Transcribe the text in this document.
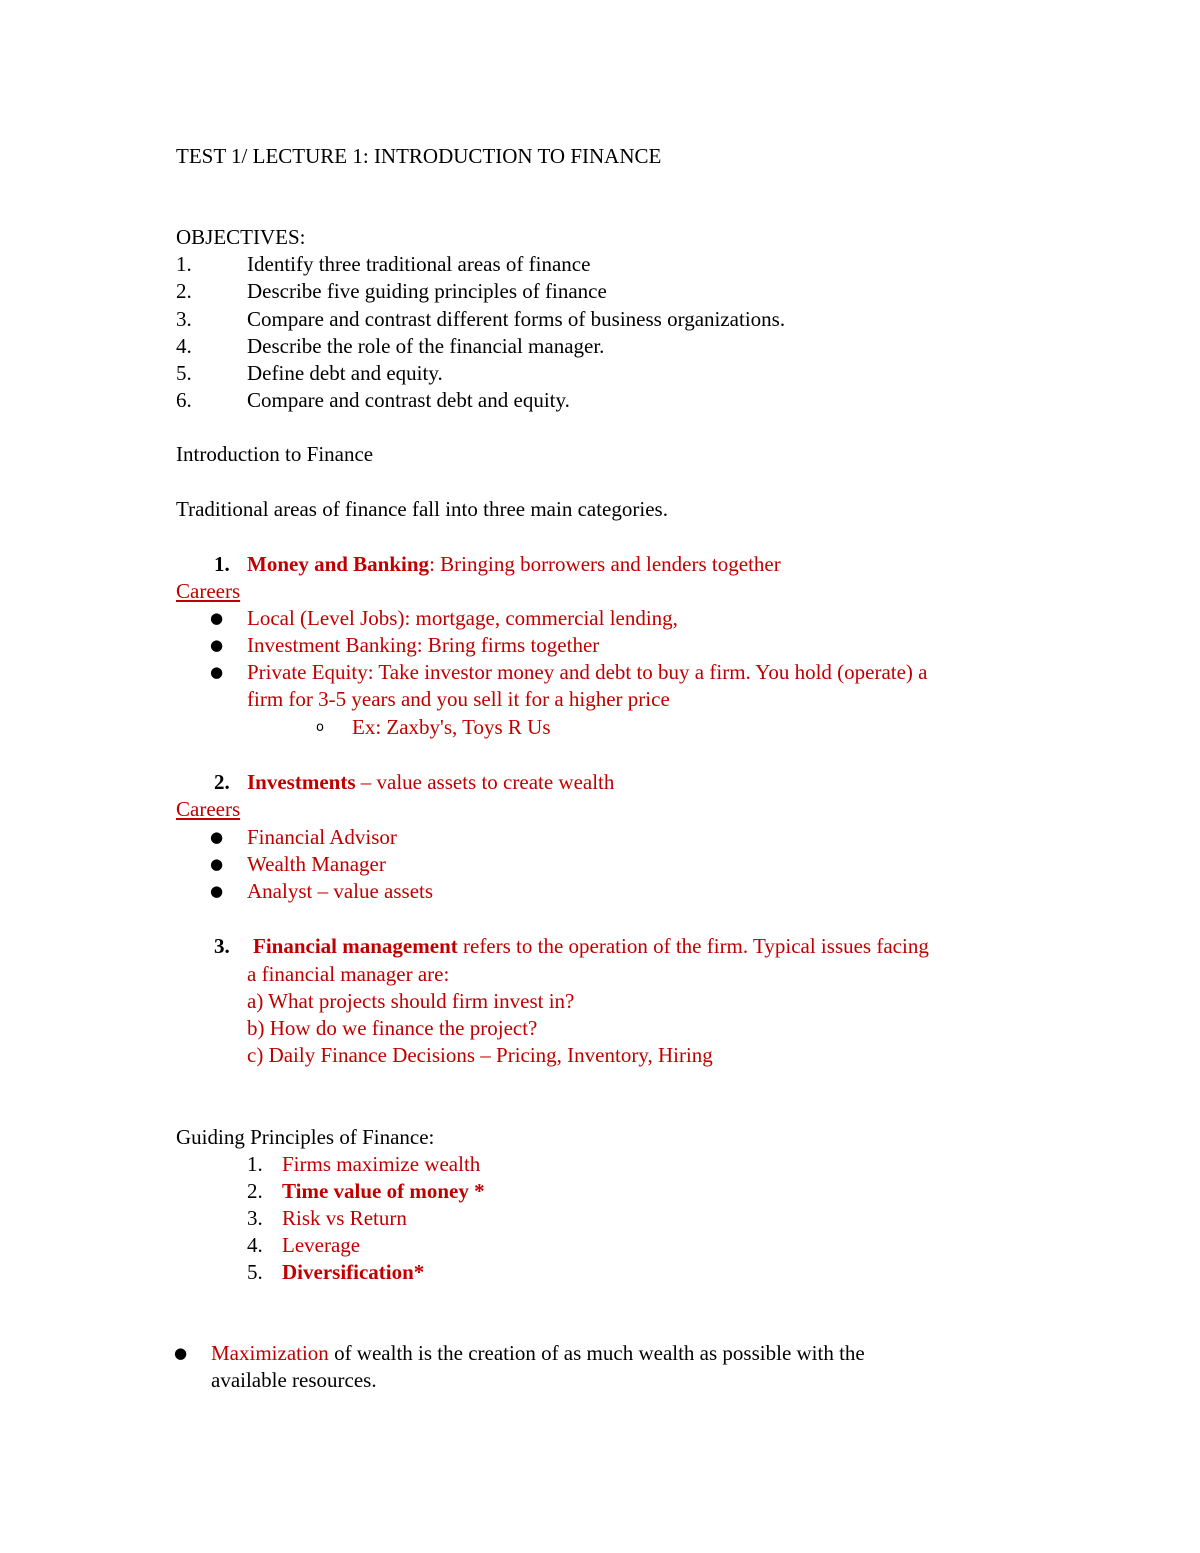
TEST 1/ LECTURE 1: INTRODUCTION TO FINANCE
OBJECTIVES:
1.	Identify three traditional areas of finance
2.	Describe five guiding principles of finance
3.	Compare and contrast different forms of business organizations.
4.	Describe the role of the financial manager.
5.	Define debt and equity.
6.	Compare and contrast debt and equity.
Introduction to Finance
Traditional areas of finance fall into three main categories.
1. Money and Banking: Bringing borrowers and lenders together
Careers
● Local (Level Jobs): mortgage, commercial lending,
● Investment Banking: Bring firms together
● Private Equity: Take investor money and debt to buy a firm. You hold (operate) a
firm for 3-5 years and you sell it for a higher price
o Ex: Zaxby's, Toys R Us
2. Investments – value assets to create wealth
Careers
● Financial Advisor
● Wealth Manager
● Analyst – value assets
3. Financial management refers to the operation of the firm. Typical issues facing
a financial manager are:
a) What projects should firm invest in?
b) How do we finance the project?
c) Daily Finance Decisions – Pricing, Inventory, Hiring
Guiding Principles of Finance:
1. Firms maximize wealth
2. Time value of money *
3. Risk vs Return
4. Leverage
5. Diversification*
● Maximization of wealth is the creation of as much wealth as possible with the
available resources.
